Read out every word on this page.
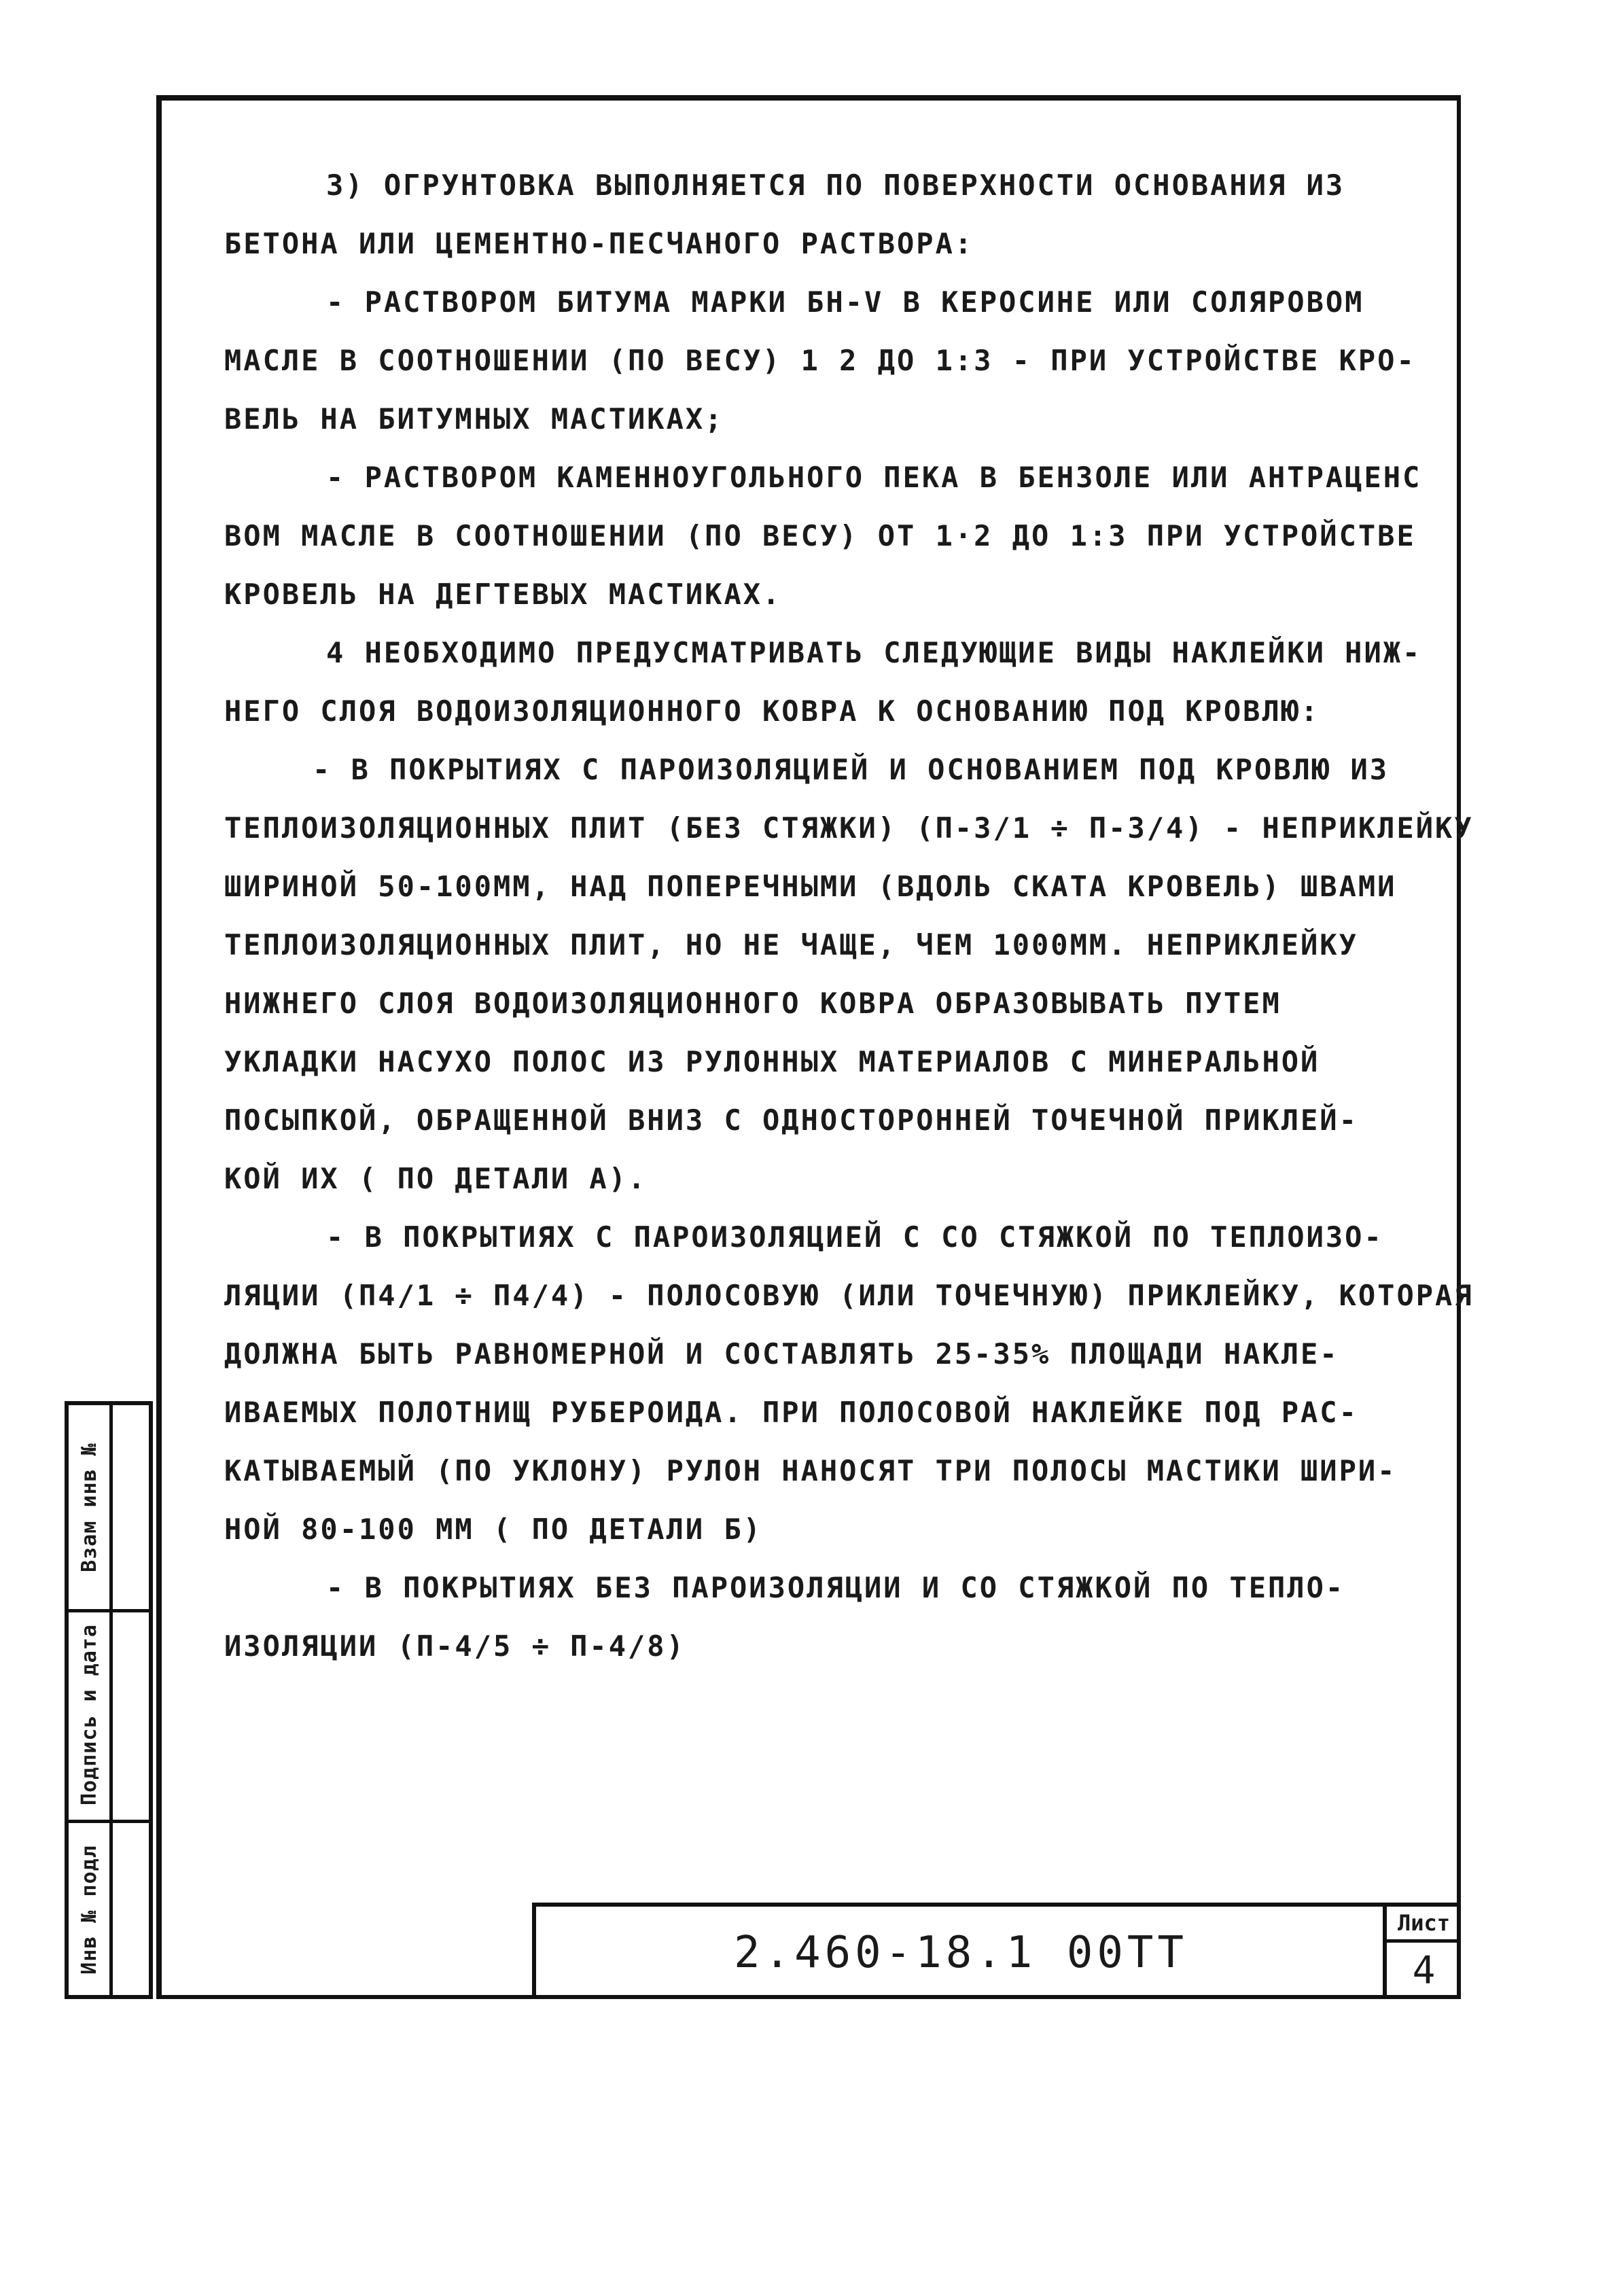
3) ОГРУНТОВКА ВЫПОЛНЯЕТСЯ ПО ПОВЕРХНОСТИ ОСНОВАНИЯ ИЗ
БЕТОНА ИЛИ ЦЕМЕНТНО-ПЕСЧАНОГО РАСТВОРА:
- РАСТВОРОМ БИТУМА МАРКИ БН-V В КЕРОСИНЕ ИЛИ СОЛЯРОВОМ
МАСЛЕ В СООТНОШЕНИИ (ПО ВЕСУ) 1 2 ДО 1:3 - ПРИ УСТРОЙСТВЕ КРО-
ВЕЛЬ НА БИТУМНЫХ МАСТИКАХ;
- РАСТВОРОМ КАМЕННОУГОЛЬНОГО ПЕКА В БЕНЗОЛЕ ИЛИ АНТРАЦЕНC
ВОМ МАСЛЕ В СООТНОШЕНИИ (ПО ВЕСУ) ОТ 1·2 ДО 1:3 ПРИ УСТРОЙСТВЕ
КРОВЕЛЬ НА ДЕГТЕВЫХ МАСТИКАХ.
4 НЕОБХОДИМО ПРЕДУСМАТРИВАТЬ СЛЕДУЮЩИЕ ВИДЫ НАКЛЕЙКИ НИЖ-
НЕГО СЛОЯ ВОДОИЗОЛЯЦИОННОГО КОВРА К ОСНОВАНИЮ ПОД КРОВЛЮ:
- В ПОКРЫТИЯХ С ПАРОИЗОЛЯЦИЕЙ И ОСНОВАНИЕМ ПОД КРОВЛЮ ИЗ
ТЕПЛОИЗОЛЯЦИОННЫХ ПЛИТ (БЕЗ СТЯЖКИ) (П-3/1 ÷ П-3/4) - НЕПРИКЛЕЙКУ
ШИРИНОЙ 50-100ММ, НАД ПОПЕРЕЧНЫМИ (ВДОЛЬ СКАТА КРОВЕЛЬ) ШВАМИ
ТЕПЛОИЗОЛЯЦИОННЫХ ПЛИТ, НО НЕ ЧАЩЕ, ЧЕМ 1000ММ. НЕПРИКЛЕЙКУ
НИЖНЕГО СЛОЯ ВОДОИЗОЛЯЦИОННОГО КОВРА ОБРАЗОВЫВАТЬ ПУТЕМ
УКЛАДКИ НАСУХО ПОЛОС ИЗ РУЛОННЫХ МАТЕРИАЛОВ С МИНЕРАЛЬНОЙ
ПОСЫПКОЙ, ОБРАЩЕННОЙ ВНИЗ С ОДНОСТОРОННЕЙ ТОЧЕЧНОЙ ПРИКЛЕЙ-
КОЙ ИХ ( ПО ДЕТАЛИ А).
- В ПОКРЫТИЯХ С ПАРОИЗОЛЯЦИЕЙ С СО СТЯЖКОЙ ПО ТЕПЛОИЗО-
ЛЯЦИИ (П4/1 ÷ П4/4) - ПОЛОСОВУЮ (ИЛИ ТОЧЕЧНУЮ) ПРИКЛЕЙКУ, КОТОРАЯ
ДОЛЖНА БЫТЬ РАВНОМЕРНОЙ И СОСТАВЛЯТЬ 25-35% ПЛОЩАДИ НАКЛЕ-
ИВАЕМЫХ ПОЛОТНИЩ РУБЕРОИДА. ПРИ ПОЛОСОВОЙ НАКЛЕЙКЕ ПОД РАС-
КАТЫВАЕМЫЙ (ПО УКЛОНУ) РУЛОН НАНОСЯТ ТРИ ПОЛОСЫ МАСТИКИ ШИРИ-
НОЙ 80-100 ММ ( ПО ДЕТАЛИ Б)
- В ПОКРЫТИЯХ БЕЗ ПАРОИЗОЛЯЦИИ И СО СТЯЖКОЙ ПО ТЕПЛО-
ИЗОЛЯЦИИ (П-4/5 ÷ П-4/8)
Взам инв №
Подпись и дата
Инв № подл	2.460-18.1 00ТТ
Лист
4
